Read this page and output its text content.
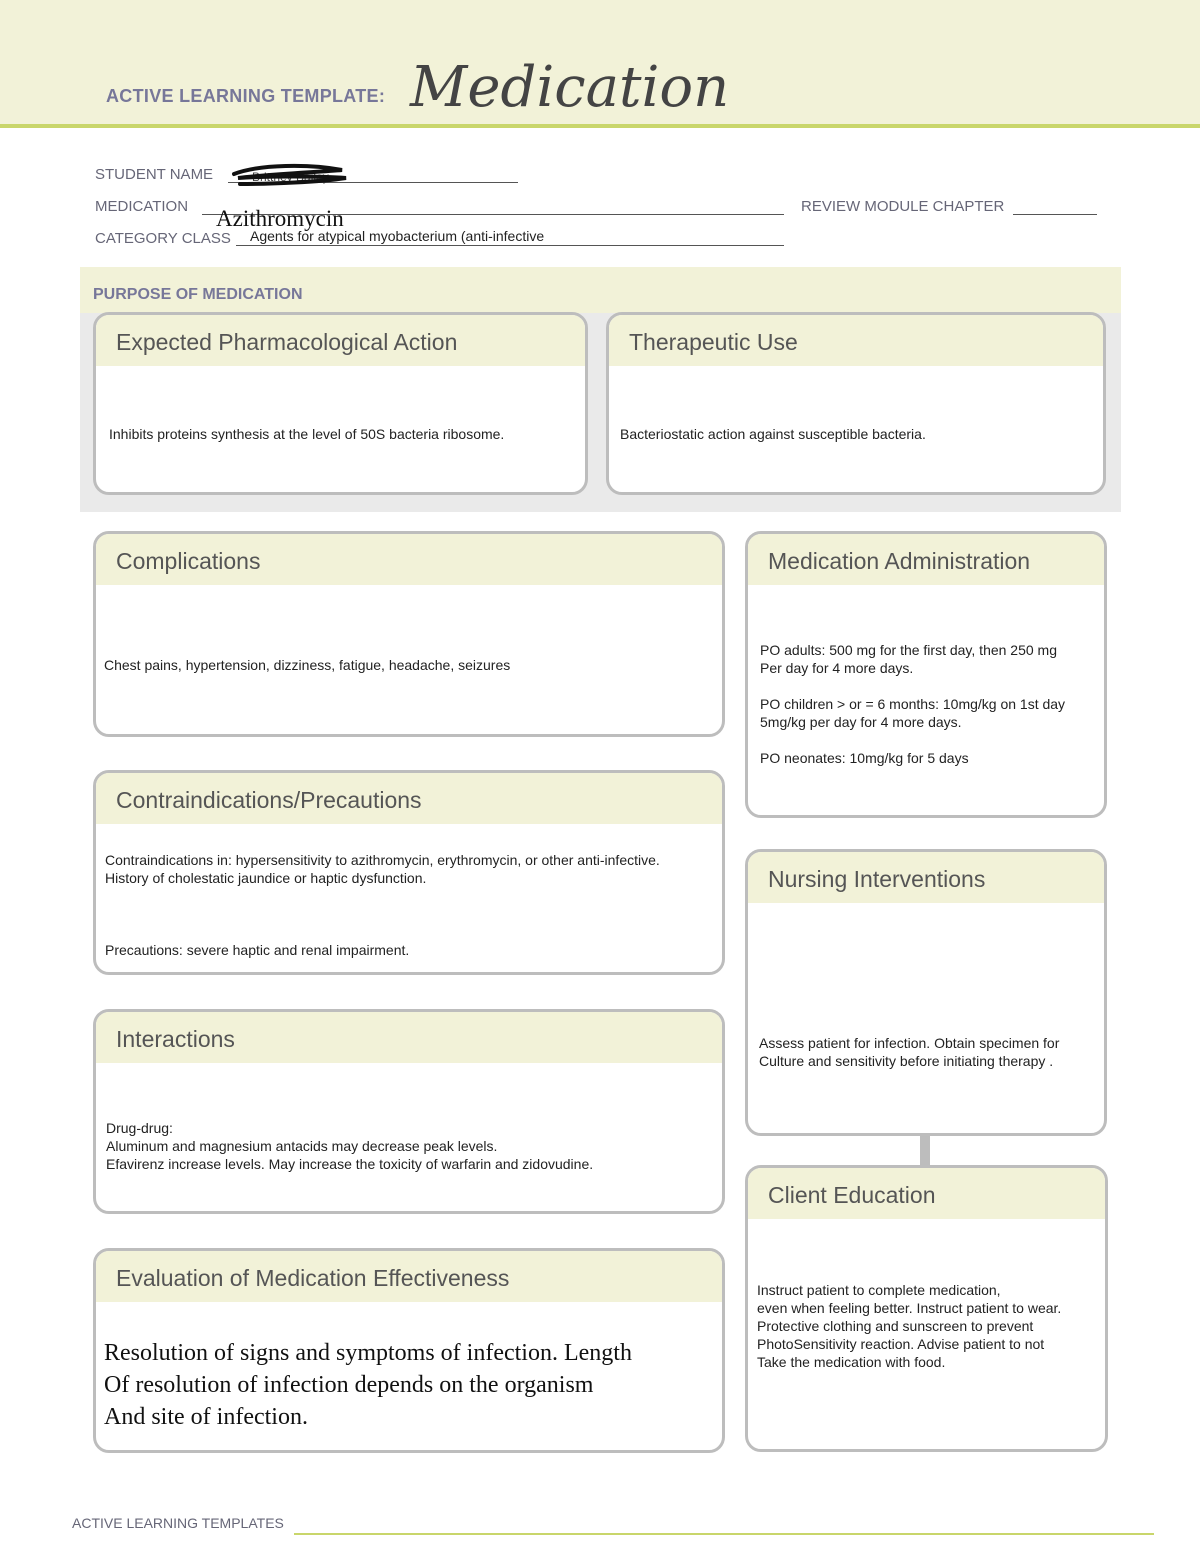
ACTIVE LEARNING TEMPLATE: Medication
STUDENT NAME	Brittney Bailey
MEDICATION Azithromycin	REVIEW MODULE CHAPTER
CATEGORY CLASS Agents for atypical myobacterium (anti-infective
PURPOSE OF MEDICATION
Expected Pharmacological Action
Inhibits proteins synthesis at the level of 50S bacteria ribosome.
Therapeutic Use
Bacteriostatic action against susceptible bacteria.
Complications
Chest pains, hypertension, dizziness, fatigue, headache, seizures
Medication Administration
PO adults: 500 mg for the first day, then 250 mg
Per day for 4 more days.
PO children > or = 6 months: 10mg/kg on 1st day
5mg/kg per day for 4 more days.
PO neonates: 10mg/kg for 5 days
Contraindications/Precautions
Contraindications in: hypersensitivity to azithromycin, erythromycin, or other anti-infective.
History of cholestatic jaundice or haptic dysfunction.
Precautions: severe haptic and renal impairment.
Nursing Interventions
Assess patient for infection. Obtain specimen for
Culture and sensitivity before initiating therapy .
Interactions
Drug-drug:
Aluminum and magnesium antacids may decrease peak levels.
Efavirenz increase levels. May increase the toxicity of warfarin and zidovudine.
Client Education
Instruct patient to complete medication,
even when feeling better. Instruct patient to wear.
Protective clothing and sunscreen to prevent
PhotoSensitivity reaction. Advise patient to not
Take the medication with food.
Evaluation of Medication Effectiveness
Resolution of signs and symptoms of infection. Length
Of resolution of infection depends on the organism
And site of infection.
ACTIVE LEARNING TEMPLATES
